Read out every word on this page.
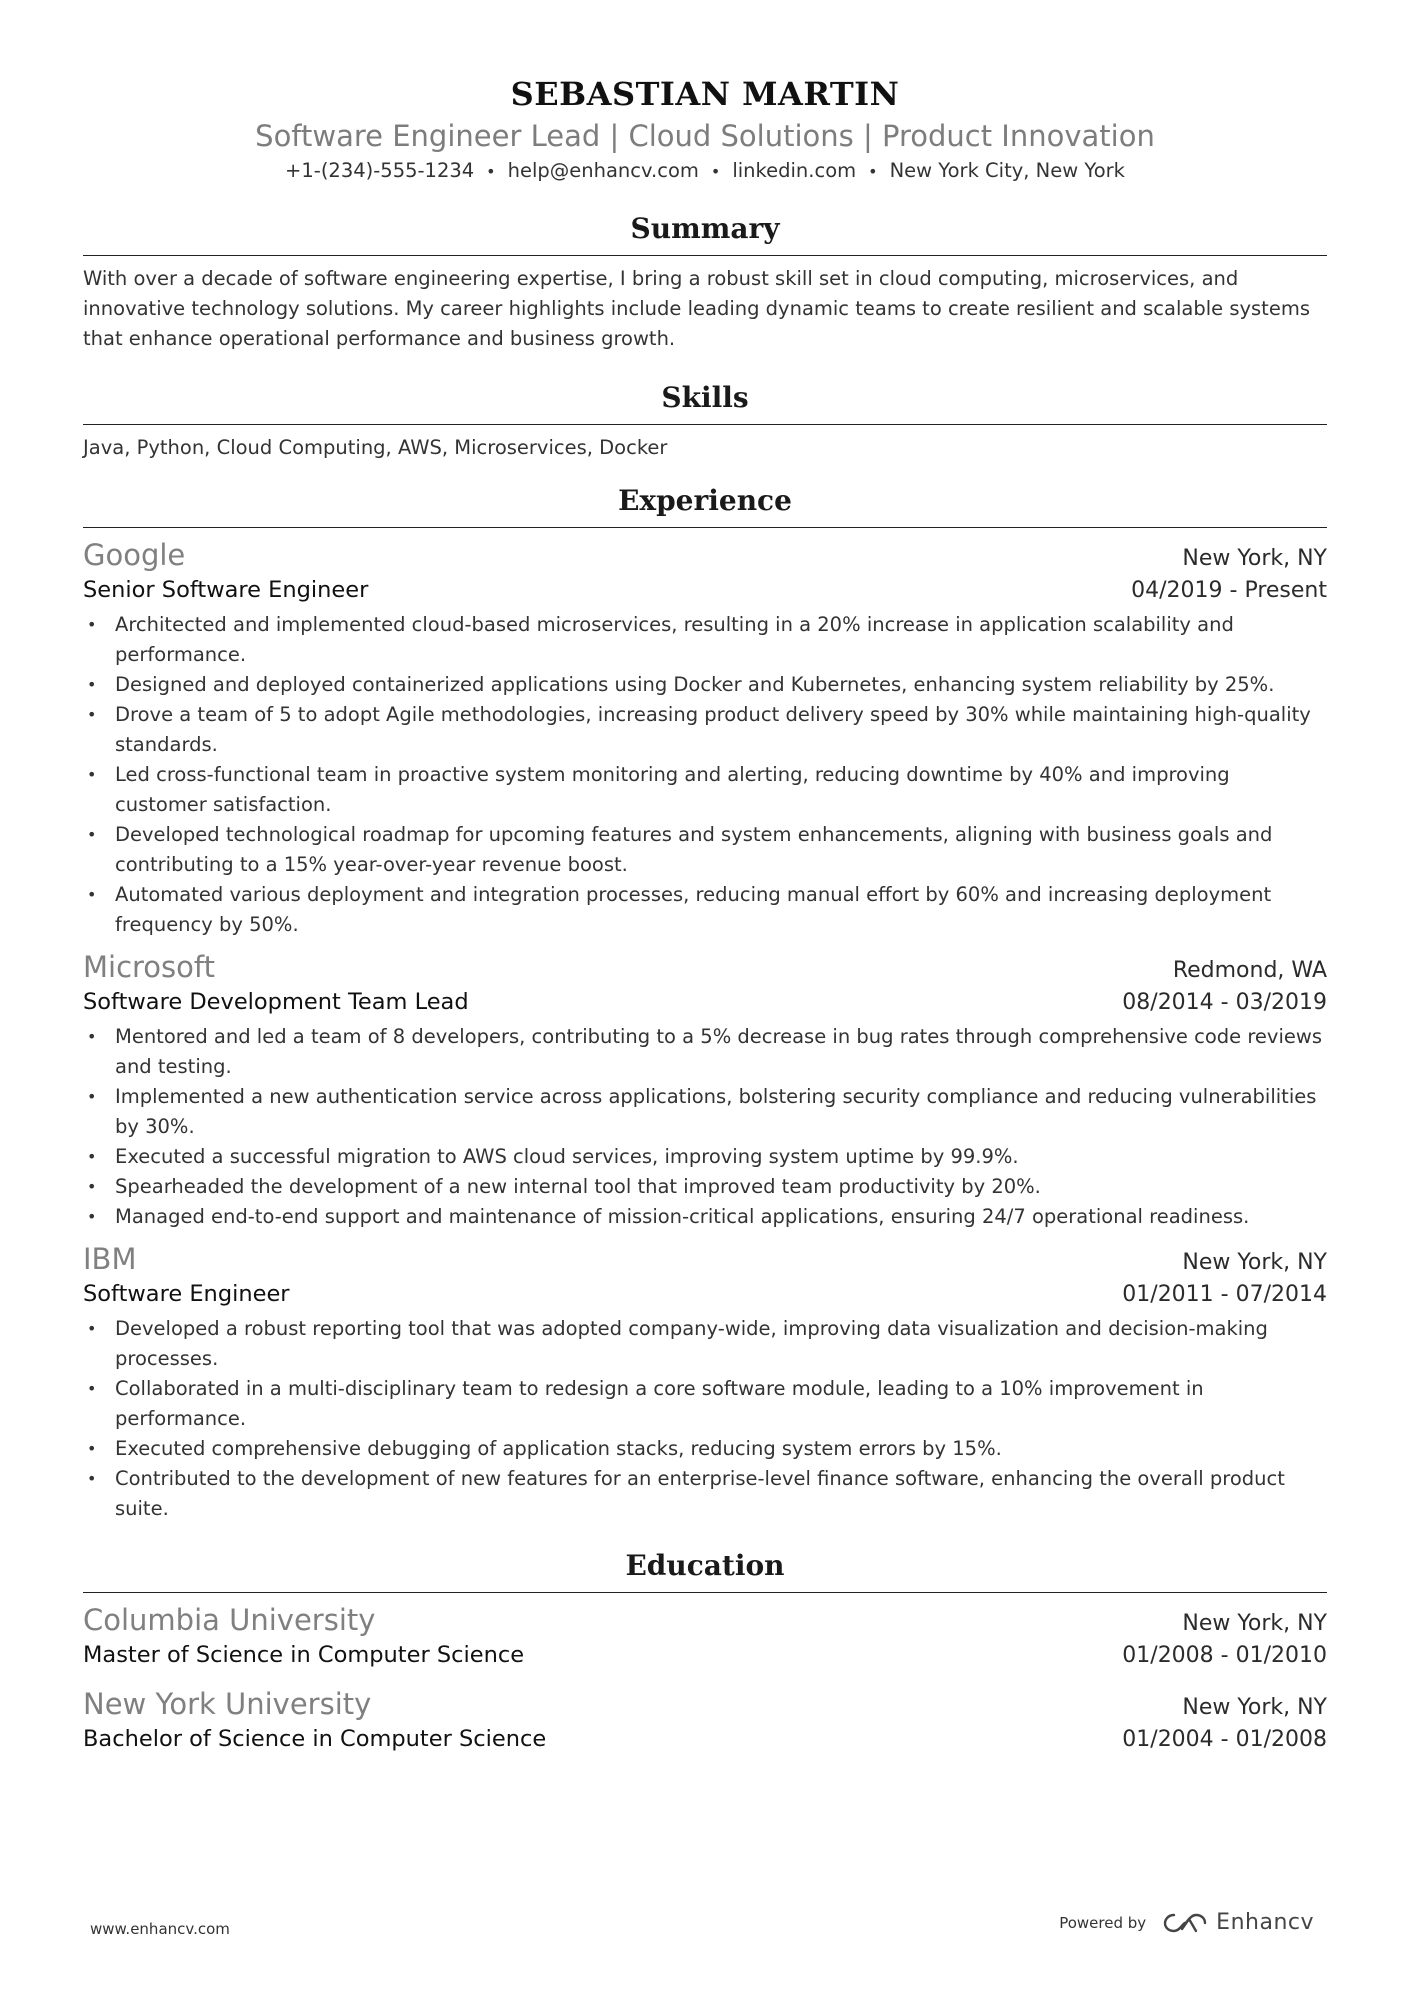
SEBASTIAN MARTIN
Software Engineer Lead | Cloud Solutions | Product Innovation
+1-(234)-555-1234 • help@enhancv.com • linkedin.com • New York City, New York
Summary

With over a decade of software engineering expertise, I bring a robust skill set in cloud computing, microservices, and innovative technology solutions. My career highlights include leading dynamic teams to create resilient and scalable systems that enhance operational performance and business growth.

Skills

Java, Python, Cloud Computing, AWS, Microservices, Docker

Experience
Google	New York, NY
Senior Software Engineer	04/2019 - Present
• Architected and implemented cloud-based microservices, resulting in a 20% increase in application scalability and performance.
• Designed and deployed containerized applications using Docker and Kubernetes, enhancing system reliability by 25%.
• Drove a team of 5 to adopt Agile methodologies, increasing product delivery speed by 30% while maintaining high-quality standards.
• Led cross-functional team in proactive system monitoring and alerting, reducing downtime by 40% and improving customer satisfaction.
• Developed technological roadmap for upcoming features and system enhancements, aligning with business goals and contributing to a 15% year-over-year revenue boost.
• Automated various deployment and integration processes, reducing manual effort by 60% and increasing deployment frequency by 50%.
Microsoft	Redmond, WA
Software Development Team Lead	08/2014 - 03/2019
• Mentored and led a team of 8 developers, contributing to a 5% decrease in bug rates through comprehensive code reviews and testing.
• Implemented a new authentication service across applications, bolstering security compliance and reducing vulnerabilities by 30%.
• Executed a successful migration to AWS cloud services, improving system uptime by 99.9%.
• Spearheaded the development of a new internal tool that improved team productivity by 20%.
• Managed end-to-end support and maintenance of mission-critical applications, ensuring 24/7 operational readiness.
IBM	New York, NY
Software Engineer	01/2011 - 07/2014
• Developed a robust reporting tool that was adopted company-wide, improving data visualization and decision-making processes.
• Collaborated in a multi-disciplinary team to redesign a core software module, leading to a 10% improvement in performance.
• Executed comprehensive debugging of application stacks, reducing system errors by 15%.
• Contributed to the development of new features for an enterprise-level finance software, enhancing the overall product suite.
Education
Columbia University	New York, NY
Master of Science in Computer Science	01/2008 - 01/2010
New York University	New York, NY
Bachelor of Science in Computer Science	01/2004 - 01/2008
www.enhancv.com	Powered by	Enhancv
